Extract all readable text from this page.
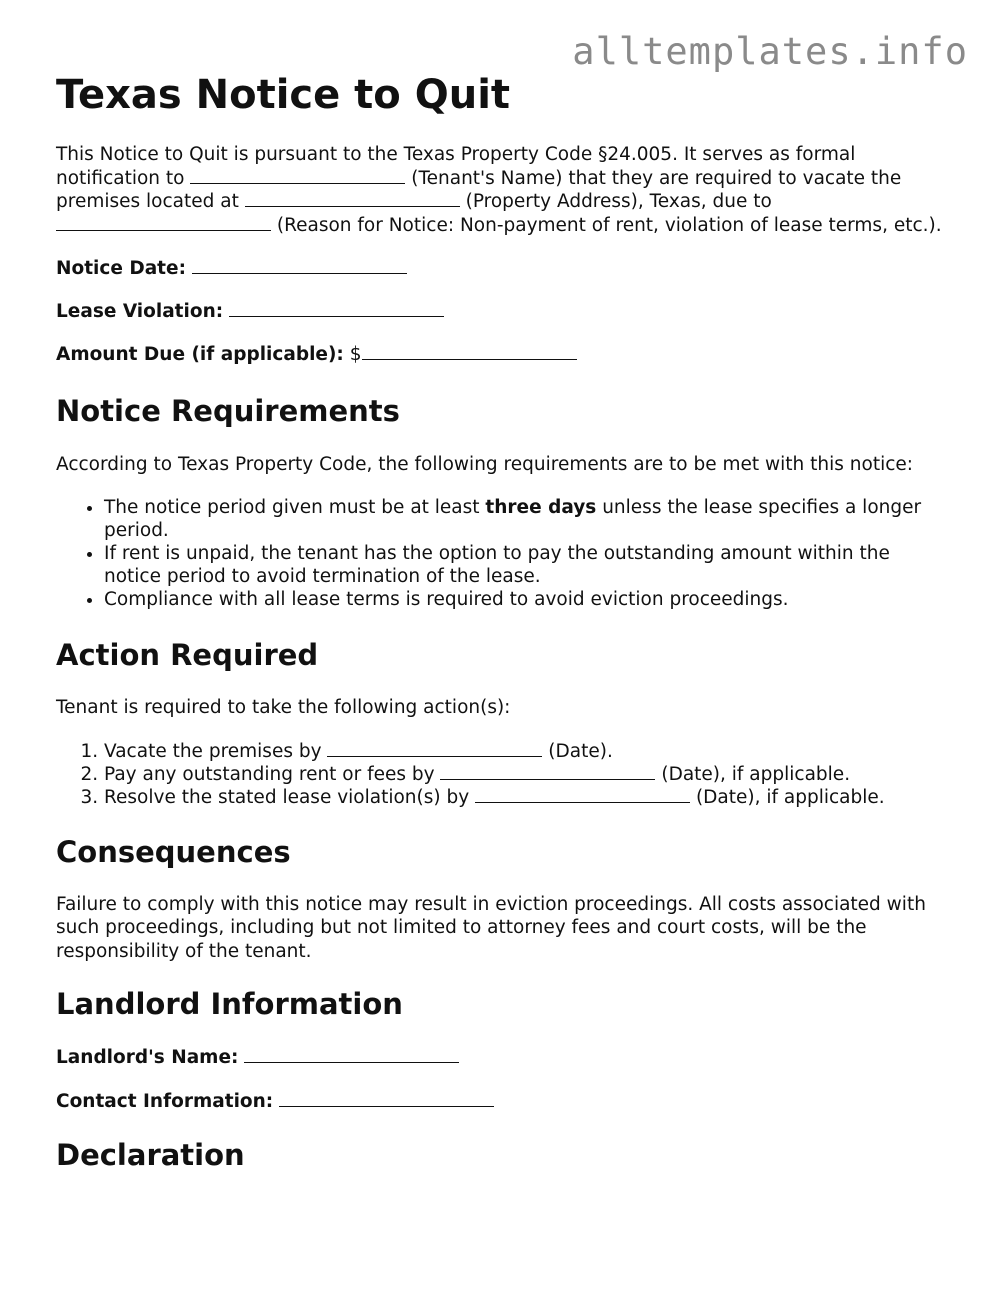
alltemplates.info
Texas Notice to Quit

This Notice to Quit is pursuant to the Texas Property Code §24.005. It serves as formal notification to	(Tenant's Name) that they are required to vacate the premises located at	(Property Address), Texas, due to  (Reason for Notice: Non-payment of rent, violation of lease terms, etc.).

Notice Date:

Lease Violation:

Amount Due (if applicable): $

Notice Requirements

According to Texas Property Code, the following requirements are to be met with this notice:

• The notice period given must be at least three days unless the lease specifies a longer period.
• If rent is unpaid, the tenant has the option to pay the outstanding amount within the notice period to avoid termination of the lease.
• Compliance with all lease terms is required to avoid eviction proceedings.
Action Required

Tenant is required to take the following action(s):

1. Vacate the premises by	(Date).
2. Pay any outstanding rent or fees by	(Date), if applicable.
3. Resolve the stated lease violation(s) by	(Date), if applicable.
Consequences

Failure to comply with this notice may result in eviction proceedings. All costs associated with such proceedings, including but not limited to attorney fees and court costs, will be the responsibility of the tenant.

Landlord Information

Landlord's Name:

Contact Information:

Declaration
